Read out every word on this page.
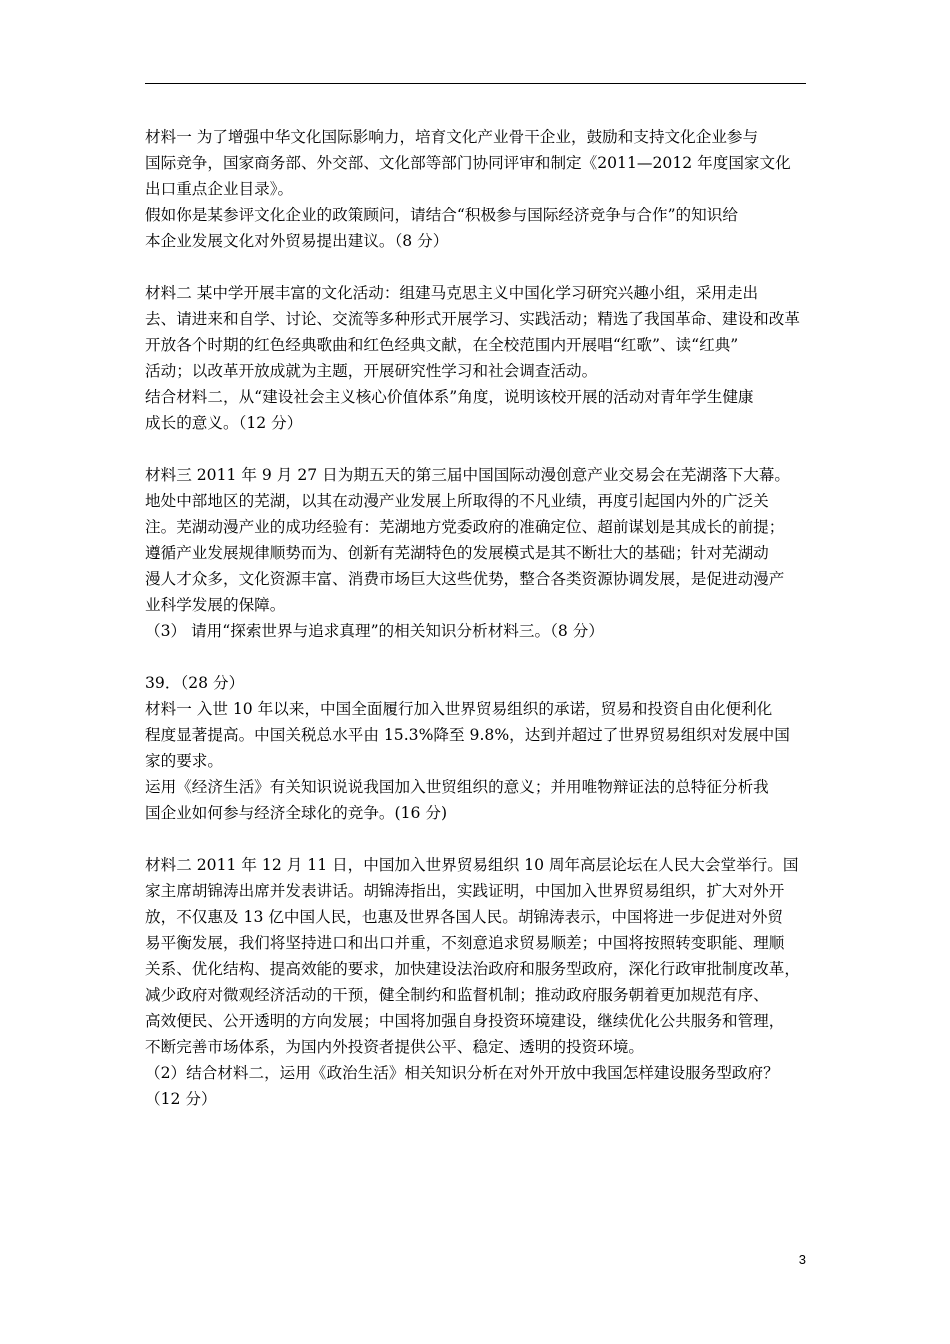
材料一 为了增强中华文化国际影响力，培育文化产业骨干企业，鼓励和支持文化企业参与
国际竞争，国家商务部、外交部、文化部等部门协同评审和制定《2011—2012 年度国家文化
出口重点企业目录》。
假如你是某参评文化企业的政策顾问，请结合“积极参与国际经济竞争与合作”的知识给
本企业发展文化对外贸易提出建议。（8 分）
材料二 某中学开展丰富的文化活动：组建马克思主义中国化学习研究兴趣小组，采用走出
去、请进来和自学、讨论、交流等多种形式开展学习、实践活动；精选了我国革命、建设和改革
开放各个时期的红色经典歌曲和红色经典文献，在全校范围内开展唱“红歌”、读“红典”
活动；以改革开放成就为主题，开展研究性学习和社会调查活动。
结合材料二，从“建设社会主义核心价值体系”角度，说明该校开展的活动对青年学生健康
成长的意义。（12 分）
材料三 2011 年 9 月 27 日为期五天的第三届中国国际动漫创意产业交易会在芜湖落下大幕。
地处中部地区的芜湖，以其在动漫产业发展上所取得的不凡业绩，再度引起国内外的广泛关
注。芜湖动漫产业的成功经验有：芜湖地方党委政府的准确定位、超前谋划是其成长的前提；
遵循产业发展规律顺势而为、创新有芜湖特色的发展模式是其不断壮大的基础；针对芜湖动
漫人才众多，文化资源丰富、消费市场巨大这些优势，整合各类资源协调发展，是促进动漫产
业科学发展的保障。
（3） 请用“探索世界与追求真理”的相关知识分析材料三。（8 分）
39．（28 分）
材料一 入世 10 年以来，中国全面履行加入世界贸易组织的承诺，贸易和投资自由化便利化
程度显著提高。中国关税总水平由 15.3%降至 9.8%，达到并超过了世界贸易组织对发展中国
家的要求。
运用《经济生活》有关知识说说我国加入世贸组织的意义；并用唯物辩证法的总特征分析我
国企业如何参与经济全球化的竞争。(16 分)
材料二 2011 年 12 月 11 日，中国加入世界贸易组织 10 周年高层论坛在人民大会堂举行。国
家主席胡锦涛出席并发表讲话。胡锦涛指出，实践证明，中国加入世界贸易组织，扩大对外开
放，不仅惠及 13 亿中国人民，也惠及世界各国人民。胡锦涛表示，中国将进一步促进对外贸
易平衡发展，我们将坚持进口和出口并重，不刻意追求贸易顺差；中国将按照转变职能、理顺
关系、优化结构、提高效能的要求，加快建设法治政府和服务型政府，深化行政审批制度改革，
减少政府对微观经济活动的干预，健全制约和监督机制；推动政府服务朝着更加规范有序、
高效便民、公开透明的方向发展；中国将加强自身投资环境建设，继续优化公共服务和管理，
不断完善市场体系，为国内外投资者提供公平、稳定、透明的投资环境。
（2）结合材料二，运用《政治生活》相关知识分析在对外开放中我国怎样建设服务型政府？
（12 分）
3
